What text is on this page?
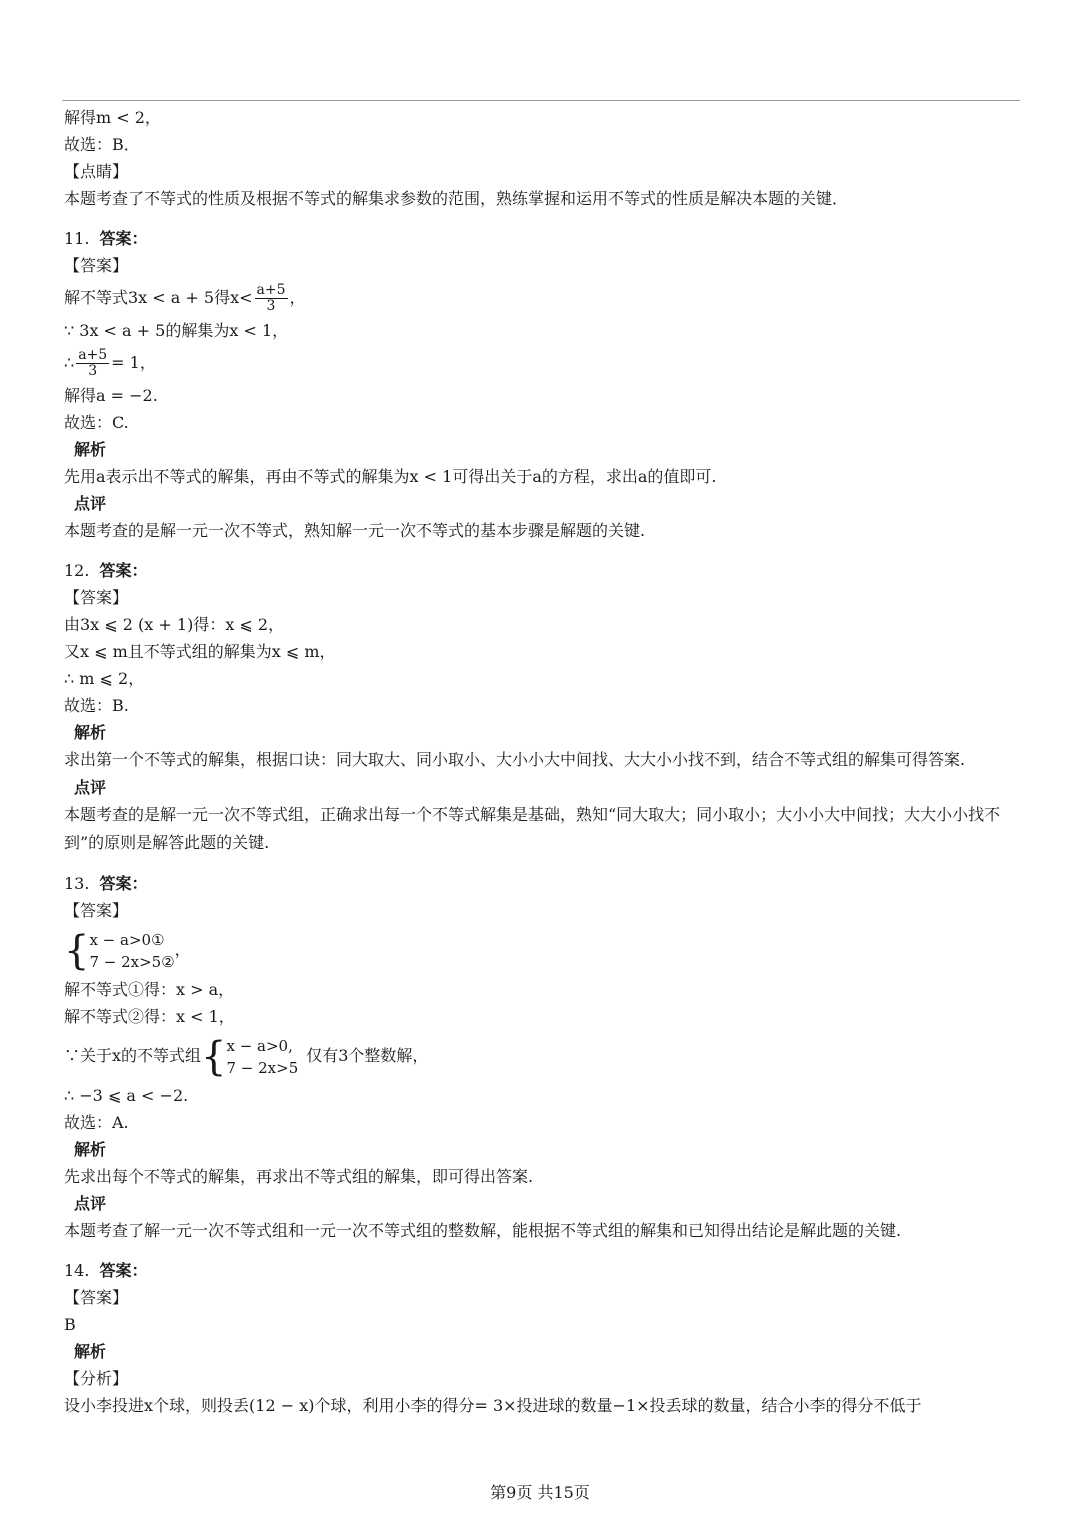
解得m < 2，
故选：B．
【点睛】
本题考查了不等式的性质及根据不等式的解集求参数的范围，熟练掌握和运用不等式的性质是解决本题的关键．
11. 答案：
【答案】
解不等式3x < a + 5得$x< \frac{a+5}{3}$ ，
∵ 3x < a + 5的解集为x < 1，
∴ $\frac{a+5}{3} = 1$，
解得a = −2.
故选：C.
解析
先用a表示出不等式的解集，再由不等式的解集为x < 1可得出关于a的方程，求出a的值即可.
点评
本题考查的是解一元一次不等式，熟知解一元一次不等式的基本步骤是解题的关键.
12. 答案：
【答案】
由3x ⩽ 2 (x + 1)得：x ⩽ 2，
又x ⩽ m且不等式组的解集为x ⩽ m，
∴ m ⩽ 2，
故选：B.
解析
求出第一个不等式的解集，根据口诀：同大取大、同小取小、大小小大中间找、大大小小找不到，结合不等式组的解集可得答案.
点评
本题考查的是解一元一次不等式组，正确求出每一个不等式解集是基础，熟知“同大取大；同小取小；大小小大中间找；大大小小找不到”的原则是解答此题的关键.
13. 答案：
【答案】
{ x − a>0①
7 − 2x>5②
，
解不等式①得：x > a，
解不等式②得：x < 1，
∵关于x的不等式组 { x − a>0,
7 − 2x>5
仅有3个整数解，
∴ −3 ⩽ a < −2.
故选：A.
解析
先求出每个不等式的解集，再求出不等式组的解集，即可得出答案.
点评
本题考查了解一元一次不等式组和一元一次不等式组的整数解，能根据不等式组的解集和已知得出结论是解此题的关键.
14. 答案：
【答案】
B
解析
【分析】
设小李投进x个球，则投丢(12 − x)个球，利用小李的得分= 3×投进球的数量−1×投丢球的数量，结合小李的得分不低于
第9页 共15页
